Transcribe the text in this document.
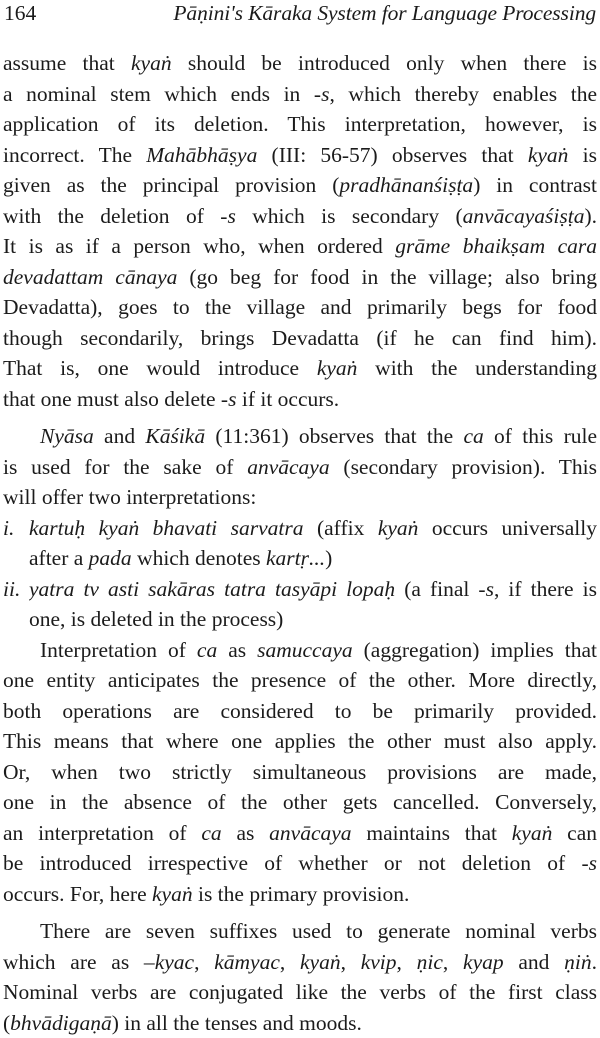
164	Pāṇini's Kāraka System for Language Processing
assume that kyaṅ should be introduced only when there is
a nominal stem which ends in -s, which thereby enables the
application of its deletion. This interpretation, however, is
incorrect. The Mahābhāṣya (III: 56-57) observes that kyaṅ is
given as the principal provision (pradhānanśiṣṭa) in contrast
with the deletion of -s which is secondary (anvācayaśiṣṭa).
It is as if a person who, when ordered grāme bhaikṣam cara
devadattam cānaya (go beg for food in the village; also bring
Devadatta), goes to the village and primarily begs for food
though secondarily, brings Devadatta (if he can find him).
That is, one would introduce kyaṅ with the understanding
that one must also delete -s if it occurs.
Nyāsa and Kāśikā (11:361) observes that the ca of this rule
is used for the sake of anvācaya (secondary provision). This
will offer two interpretations:
i. kartuḥ kyaṅ bhavati sarvatra (affix kyaṅ occurs universally
after a pada which denotes kartṛ...)
ii. yatra tv asti sakāras tatra tasyāpi lopaḥ (a final -s, if there is
one, is deleted in the process)
Interpretation of ca as samuccaya (aggregation) implies that
one entity anticipates the presence of the other. More directly,
both operations are considered to be primarily provided.
This means that where one applies the other must also apply.
Or, when two strictly simultaneous provisions are made,
one in the absence of the other gets cancelled. Conversely,
an interpretation of ca as anvācaya maintains that kyaṅ can
be introduced irrespective of whether or not deletion of -s
occurs. For, here kyaṅ is the primary provision.
There are seven suffixes used to generate nominal verbs
which are as –kyac, kāmyac, kyaṅ, kvip, ṇic, kyap and ṇiṅ.
Nominal verbs are conjugated like the verbs of the first class
(bhvādigaṇā) in all the tenses and moods.
